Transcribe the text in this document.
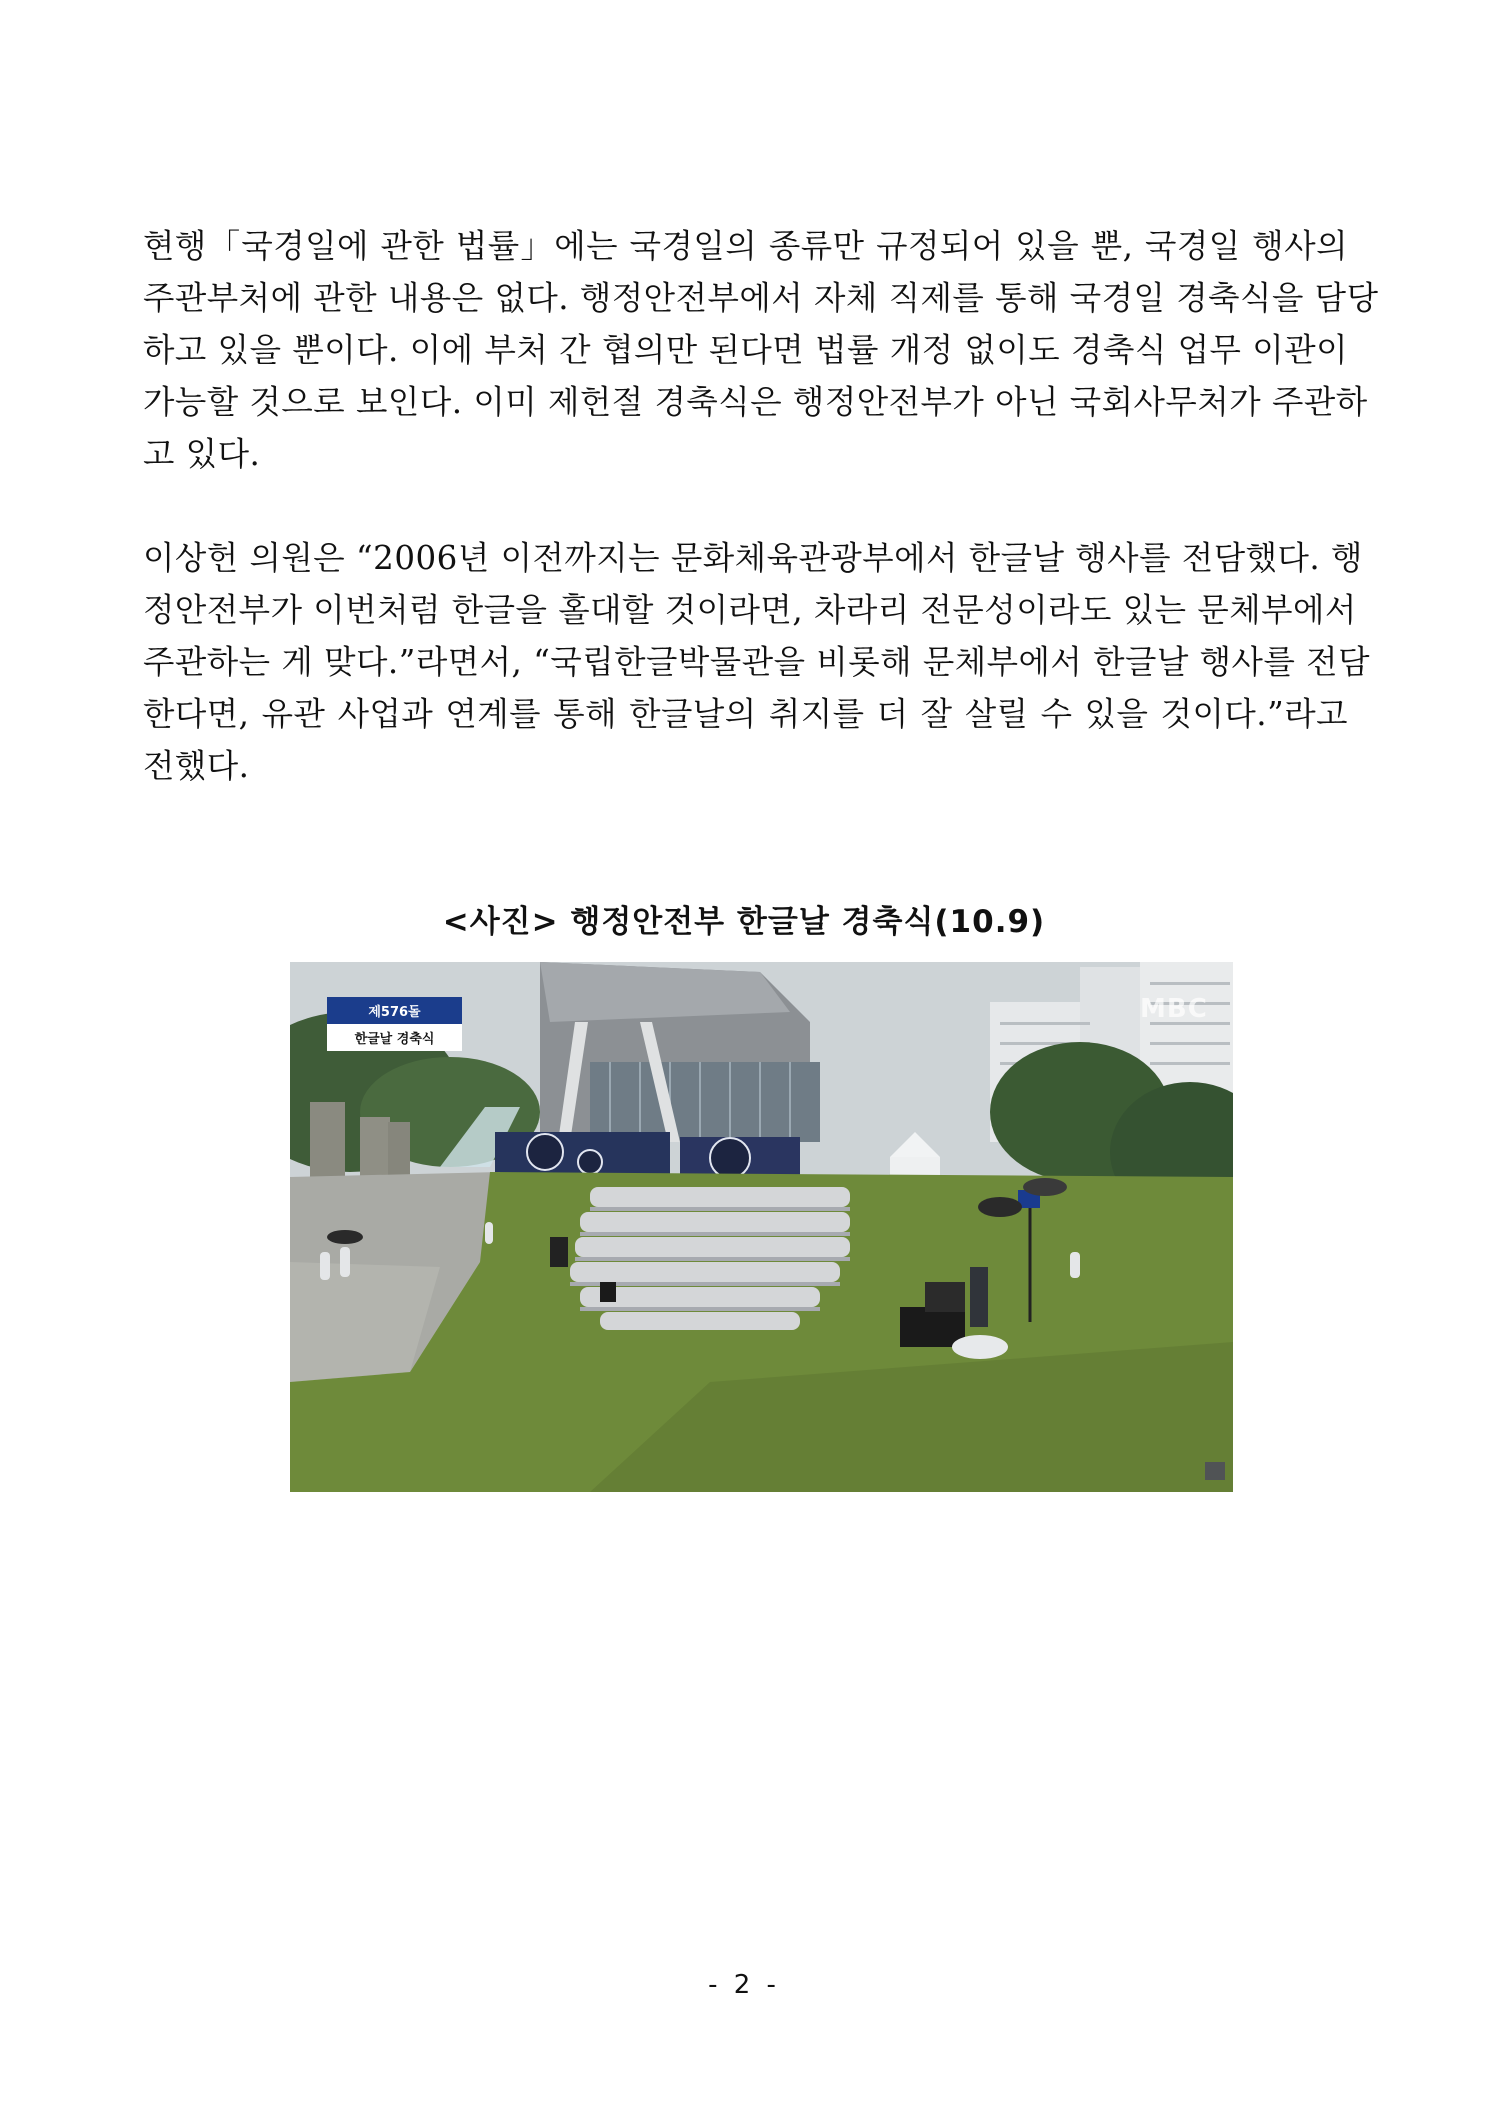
현행「국경일에 관한 법률」에는 국경일의 종류만 규정되어 있을 뿐, 국경일 행사의
주관부처에 관한 내용은 없다. 행정안전부에서 자체 직제를 통해 국경일 경축식을 담당
하고 있을 뿐이다. 이에 부처 간 협의만 된다면 법률 개정 없이도 경축식 업무 이관이
가능할 것으로 보인다. 이미 제헌절 경축식은 행정안전부가 아닌 국회사무처가 주관하
고 있다.
이상헌 의원은 “2006년 이전까지는 문화체육관광부에서 한글날 행사를 전담했다. 행
정안전부가 이번처럼 한글을 홀대할 것이라면, 차라리 전문성이라도 있는 문체부에서
주관하는 게 맞다.”라면서, “국립한글박물관을 비롯해 문체부에서 한글날 행사를 전담
한다면, 유관 사업과 연계를 통해 한글날의 취지를 더 잘 살릴 수 있을 것이다.”라고
전했다.
<사진> 행정안전부 한글날 경축식(10.9)
제576돌
한글날 경축식
MBC
- 2 -
